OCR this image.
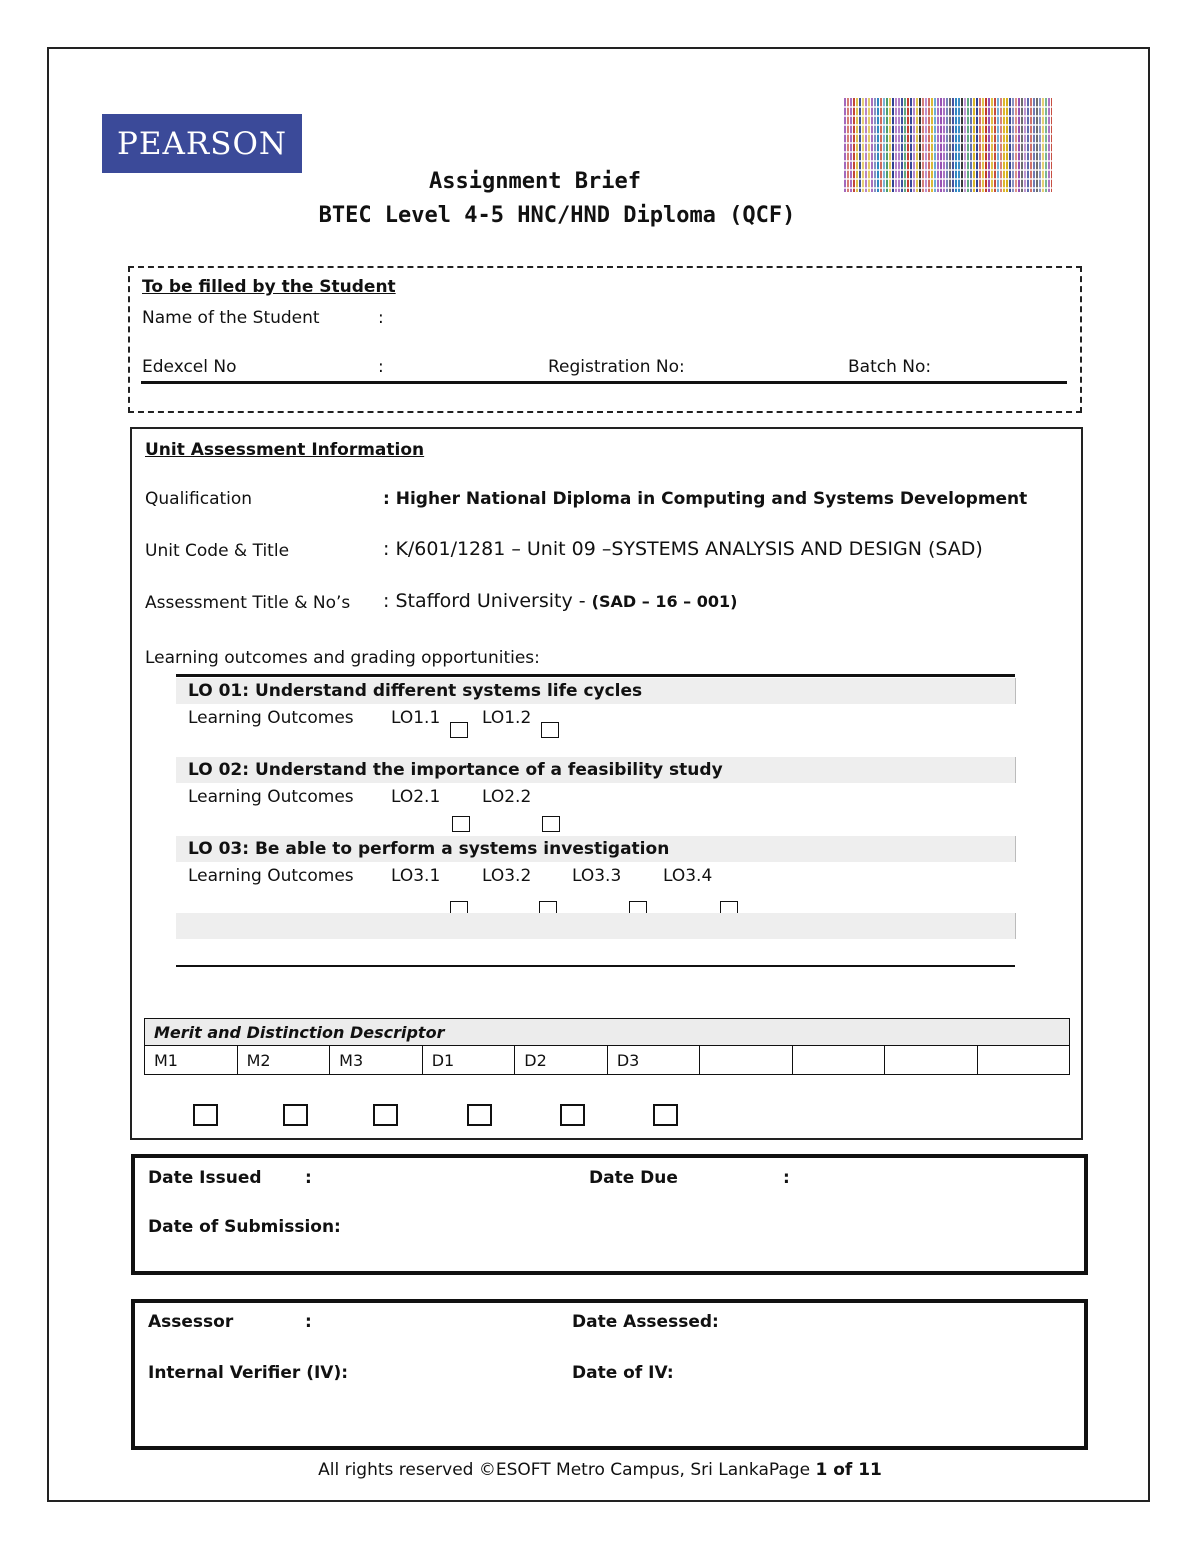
PEARSON
Assignment Brief
BTEC Level 4-5 HNC/HND Diploma (QCF)
To be filled by the Student
Name of the Student	:
Edexcel No	:	Registration No:	Batch No:
Unit Assessment Information
Qualification	: Higher National Diploma in Computing and Systems Development
Unit Code & Title	: K/601/1281 – Unit 09 –SYSTEMS ANALYSIS AND DESIGN (SAD)
Assessment Title & No’s : Stafford University - (SAD – 16 – 001)
Learning outcomes and grading opportunities:
LO 01: Understand different systems life cycles
Learning Outcomes LO1.1 LO1.2
LO 02: Understand the importance of a feasibility study
Learning Outcomes LO2.1 LO2.2
LO 03: Be able to perform a systems investigation
Learning Outcomes LO3.1 LO3.2 LO3.3 LO3.4
Merit and Distinction Descriptor
M1	M2	M3	D1	D2	D3				
Date Issued	:	Date Due	:
Date of Submission:
Assessor	:	Date Assessed:
Internal Verifier (IV):	Date of IV:
All rights reserved ©ESOFT Metro Campus, Sri LankaPage 1 of 11
